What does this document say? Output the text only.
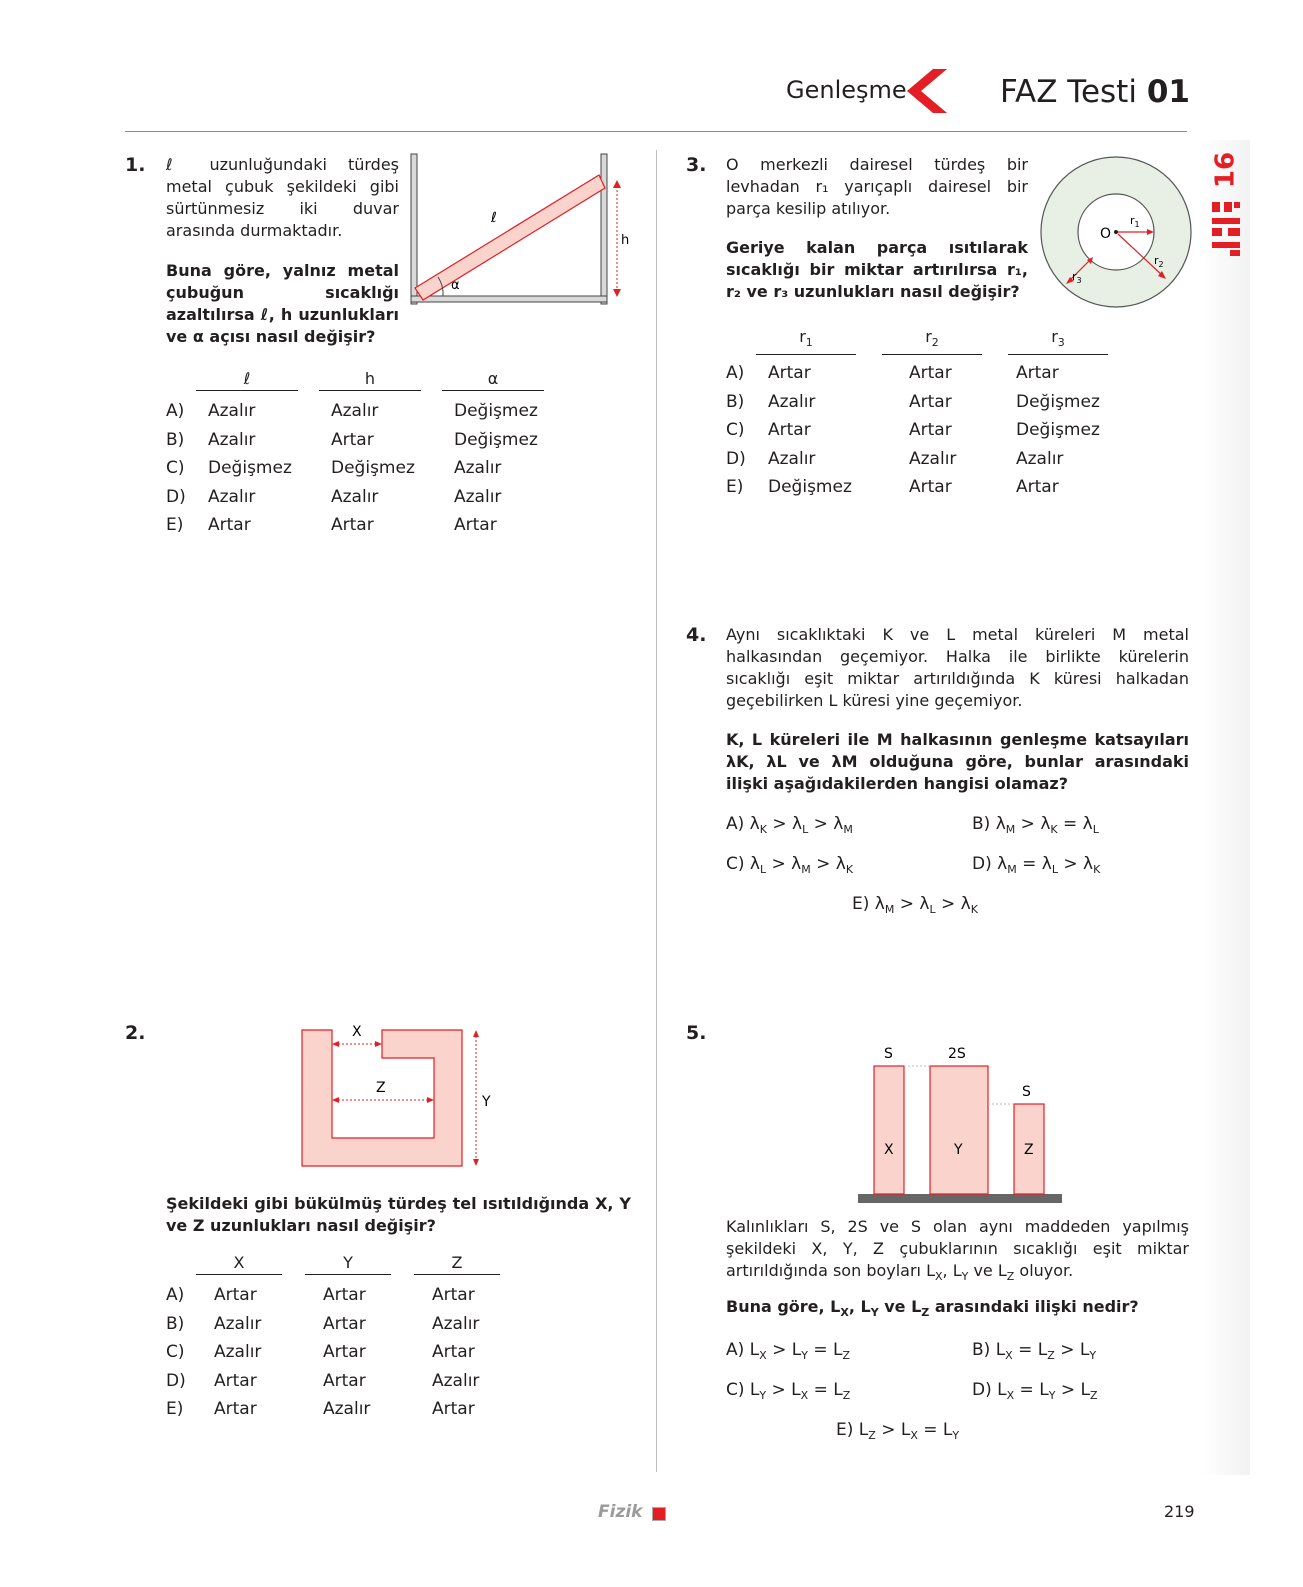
Genleşme	FAZ Testi 01
16
1. ℓ uzunluğundaki türdeş metal çubuk şekildeki gibi sürtünmesiz iki duvar arasında durmaktadır.
Buna göre, yalnız metal çubuğun sıcaklığı azaltılırsa ℓ, h uzunlukları ve α açısı nasıl değişir?
α
ℓ
h
ℓ	h	α
A)	Azalır	Azalır	Değişmez
B)	Azalır	Artar	Değişmez
C)	Değişmez	Değişmez	Azalır
D)	Azalır	Azalır	Azalır
E)	Artar	Artar	Artar
2.	X
Z
Y
Şekildeki gibi bükülmüş türdeş tel ısıtıldığında X, Y ve Z uzunlukları nasıl değişir?
X	Y	Z
A)	Artar	Artar	Artar
B)	Azalır	Artar	Azalır
C)	Azalır	Artar	Artar
D)	Artar	Artar	Azalır
E)	Artar	Azalır	Artar
3. O merkezli dairesel türdeş bir levhadan r₁ yarıçaplı dairesel bir parça kesilip atılıyor.
Geriye kalan parça ısıtılarak sıcaklığı bir miktar artırılırsa r₁, r₂ ve r₃ uzunlukları nasıl değişir?
O
$r_1$
$r_2$
$r_3$
$r_1$	$r_2$	$r_3$
A)	Artar	Artar	Artar
B)	Azalır	Artar	Değişmez
C)	Artar	Artar	Değişmez
D)	Azalır	Azalır	Azalır
E)	Değişmez	Artar	Artar
4. Aynı sıcaklıktaki K ve L metal küreleri M metal halkasından geçemiyor. Halka ile birlikte kürelerin sıcaklığı eşit miktar artırıldığında K küresi halkadan geçebilirken L küresi yine geçemiyor.
K, L küreleri ile M halkasının genleşme katsayıları λK, λL ve λM olduğuna göre, bunlar arasındaki ilişki aşağıdakilerden hangisi olamaz?
A) $\lambda_K > \lambda_L > \lambda_M$	B) $\lambda_M > \lambda_K = \lambda_L$
C) $\lambda_L > \lambda_M > \lambda_K$	D) $\lambda_M = \lambda_L > \lambda_K$
E) $\lambda_M > \lambda_L > \lambda_K$
5.
S	2S
S
X	Y	Z
Kalınlıkları S, 2S ve S olan aynı maddeden yapılmış şekildeki X, Y, Z çubuklarının sıcaklığı eşit miktar artırıldığında son boyları $L_X$, $L_Y$ ve $L_Z$ oluyor.
Buna göre, $L_X$, $L_Y$ ve $L_Z$ arasındaki ilişki nedir?
A) $L_X > L_Y = L_Z$	B) $L_X = L_Z > L_Y$
C) $L_Y > L_X = L_Z$	D) $L_X = L_Y > L_Z$
E) $L_Z > L_X = L_Y$
Fizik	219
